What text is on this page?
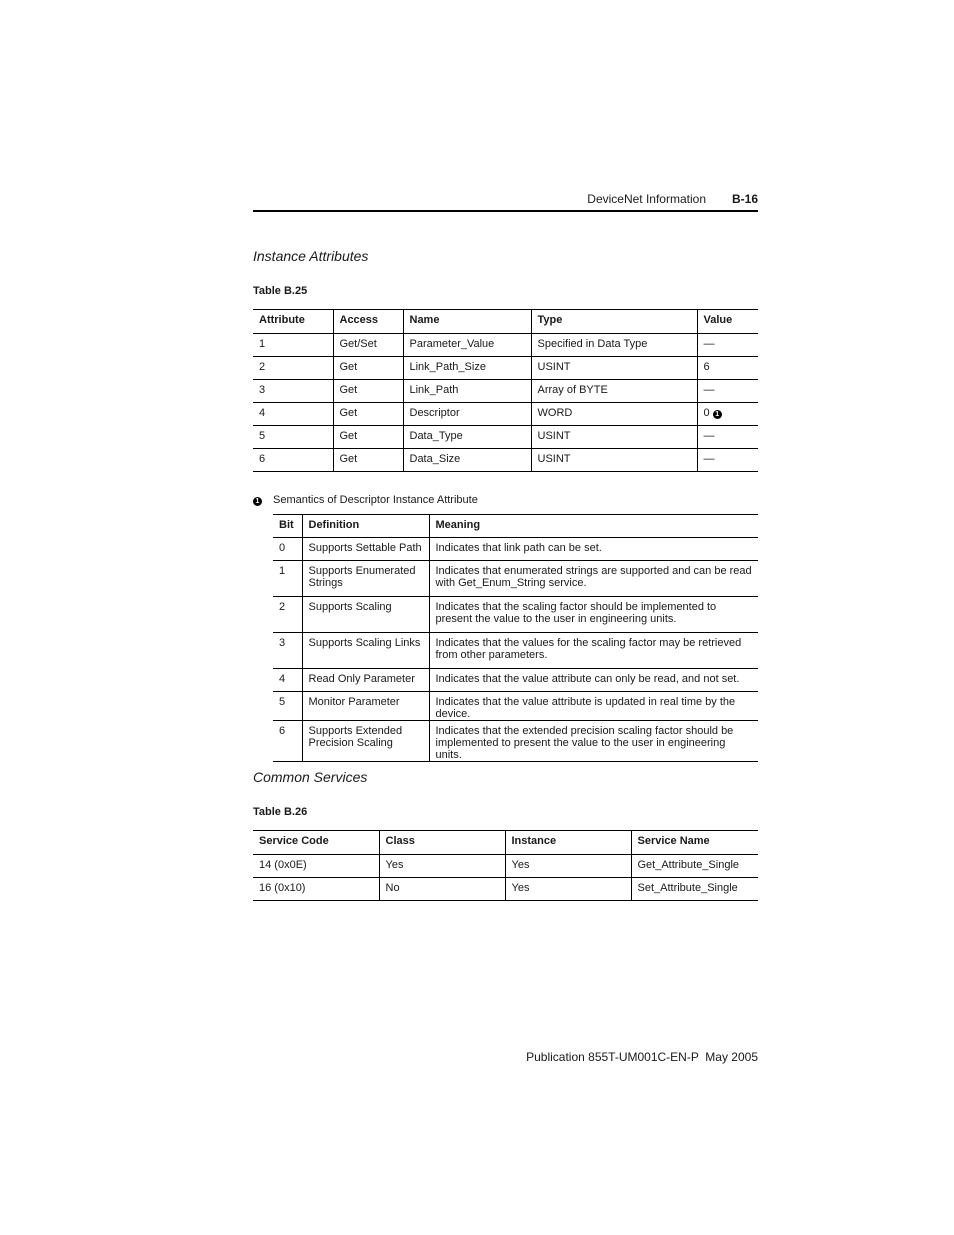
DeviceNet Information B-16
Instance Attributes
Table B.25
Attribute	Access	Name	Type	Value
1	Get/Set	Parameter_Value	Specified in Data Type	—
2	Get	Link_Path_Size	USINT	6
3	Get	Link_Path	Array of BYTE	—
4	Get	Descriptor	WORD	0 1
5	Get	Data_Type	USINT	—
6	Get	Data_Size	USINT	—
1 Semantics of Descriptor Instance Attribute
Bit	Definition	Meaning
0	Supports Settable Path	Indicates that link path can be set.
1	Supports Enumerated Strings	Indicates that enumerated strings are supported and can be read with Get_Enum_String service.
2	Supports Scaling	Indicates that the scaling factor should be implemented to present the value to the user in engineering units.
3	Supports Scaling Links	Indicates that the values for the scaling factor may be retrieved from other parameters.
4	Read Only Parameter	Indicates that the value attribute can only be read, and not set.
5	Monitor Parameter	Indicates that the value attribute is updated in real time by the device.
6	Supports Extended Precision Scaling	Indicates that the extended precision scaling factor should be implemented to present the value to the user in engineering units.
Common Services
Table B.26
Service Code	Class	Instance	Service Name
14 (0x0E)	Yes	Yes	Get_Attribute_Single
16 (0x10)	No	Yes	Set_Attribute_Single
Publication 855T-UM001C-EN-P  May 2005
